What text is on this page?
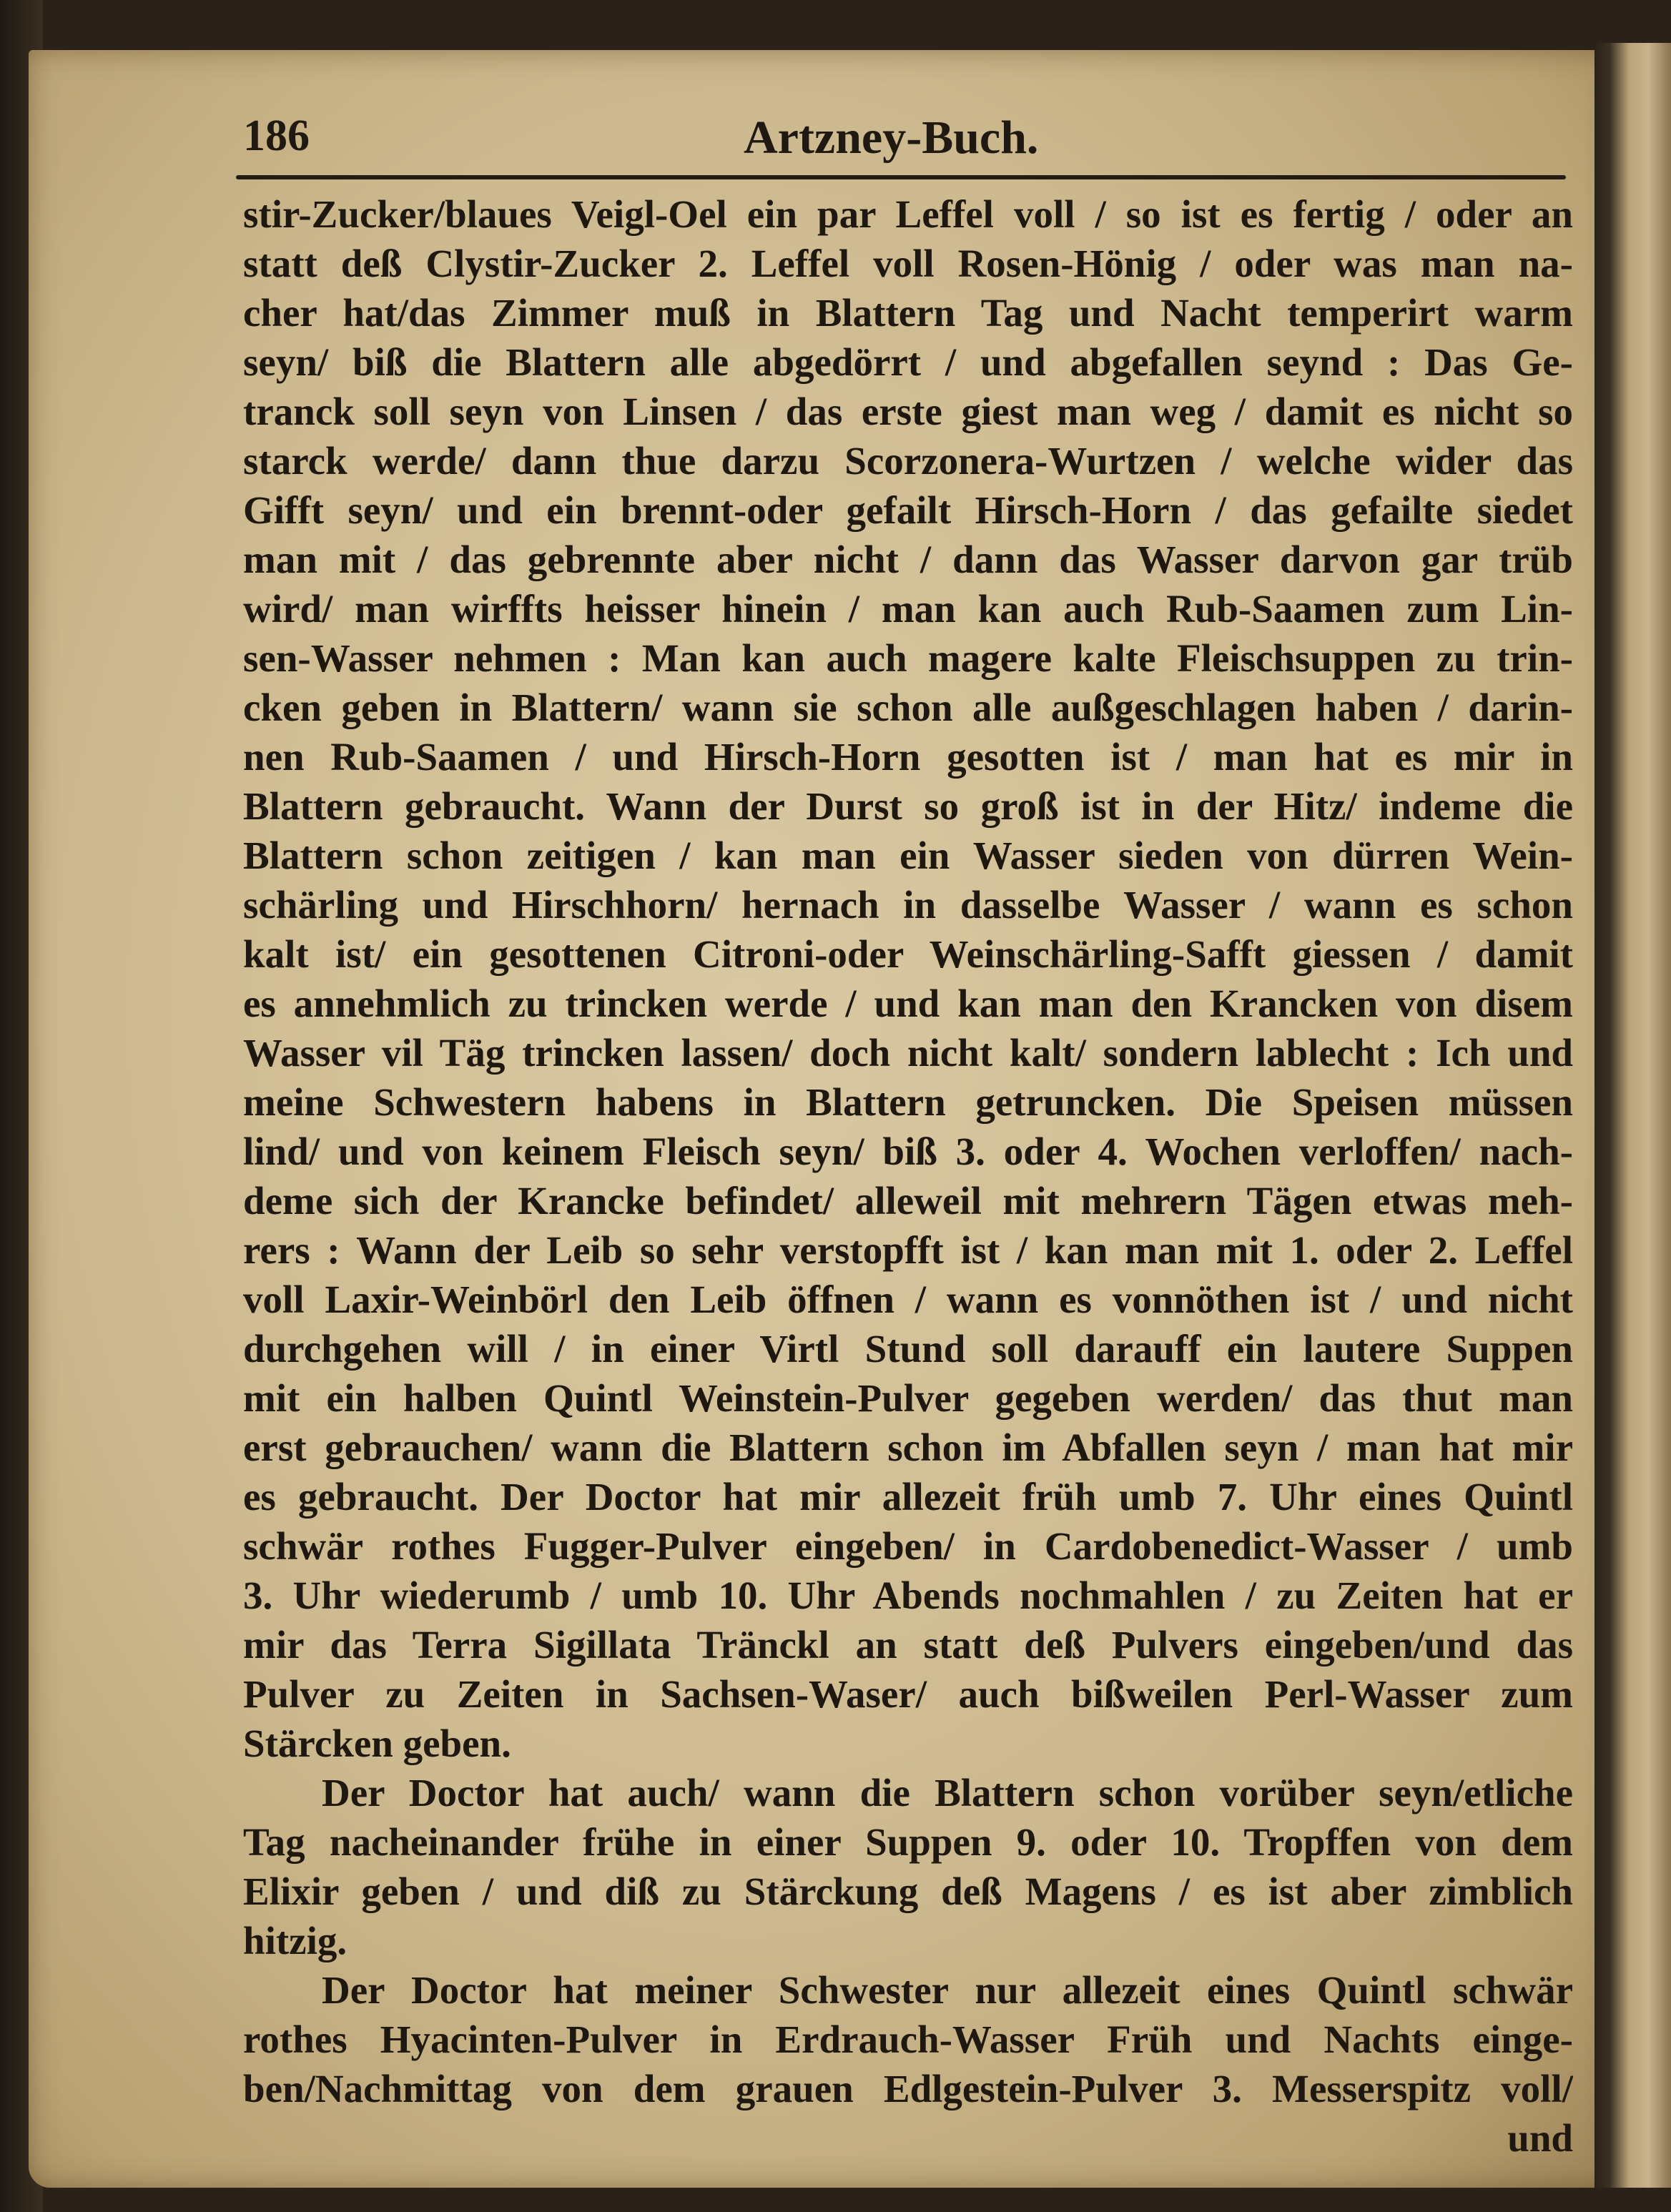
186	Artzney-Buch.
stir-Zucker/blaues Veigl-Oel ein par Leffel voll / so ist es fertig / oder an
statt deß Clystir-Zucker 2. Leffel voll Rosen-Hönig / oder was man na-
cher hat/das Zimmer muß in Blattern Tag und Nacht temperirt warm
seyn/ biß die Blattern alle abgedörrt / und abgefallen seynd : Das Ge-
tranck soll seyn von Linsen / das erste giest man weg / damit es nicht so
starck werde/ dann thue darzu Scorzonera-Wurtzen / welche wider das
Gifft seyn/ und ein brennt-oder gefailt Hirsch-Horn / das gefailte siedet
man mit / das gebrennte aber nicht / dann das Wasser darvon gar trüb
wird/ man wirffts heisser hinein / man kan auch Rub-Saamen zum Lin-
sen-Wasser nehmen : Man kan auch magere kalte Fleischsuppen zu trin-
cken geben in Blattern/ wann sie schon alle außgeschlagen haben / darin-
nen Rub-Saamen / und Hirsch-Horn gesotten ist / man hat es mir in
Blattern gebraucht. Wann der Durst so groß ist in der Hitz/ indeme die
Blattern schon zeitigen / kan man ein Wasser sieden von dürren Wein-
schärling und Hirschhorn/ hernach in dasselbe Wasser / wann es schon
kalt ist/ ein gesottenen Citroni-oder Weinschärling-Safft giessen / damit
es annehmlich zu trincken werde / und kan man den Krancken von disem
Wasser vil Täg trincken lassen/ doch nicht kalt/ sondern lablecht : Ich und
meine Schwestern habens in Blattern getruncken. Die Speisen müssen
lind/ und von keinem Fleisch seyn/ biß 3. oder 4. Wochen verloffen/ nach-
deme sich der Krancke befindet/ alleweil mit mehrern Tägen etwas meh-
rers : Wann der Leib so sehr verstopfft ist / kan man mit 1. oder 2. Leffel
voll Laxir-Weinbörl den Leib öffnen / wann es vonnöthen ist / und nicht
durchgehen will / in einer Virtl Stund soll darauff ein lautere Suppen
mit ein halben Quintl Weinstein-Pulver gegeben werden/ das thut man
erst gebrauchen/ wann die Blattern schon im Abfallen seyn / man hat mir
es gebraucht. Der Doctor hat mir allezeit früh umb 7. Uhr eines Quintl
schwär rothes Fugger-Pulver eingeben/ in Cardobenedict-Wasser / umb
3. Uhr wiederumb / umb 10. Uhr Abends nochmahlen / zu Zeiten hat er
mir das Terra Sigillata Tränckl an statt deß Pulvers eingeben/und das
Pulver zu Zeiten in Sachsen-Waser/ auch bißweilen Perl-Wasser zum
Stärcken geben.
Der Doctor hat auch/ wann die Blattern schon vorüber seyn/etliche
Tag nacheinander frühe in einer Suppen 9. oder 10. Tropffen von dem
Elixir geben / und diß zu Stärckung deß Magens / es ist aber zimblich
hitzig.
Der Doctor hat meiner Schwester nur allezeit eines Quintl schwär
rothes Hyacinten-Pulver in Erdrauch-Wasser Früh und Nachts einge-
ben/Nachmittag von dem grauen Edlgestein-Pulver 3. Messerspitz voll/
und
